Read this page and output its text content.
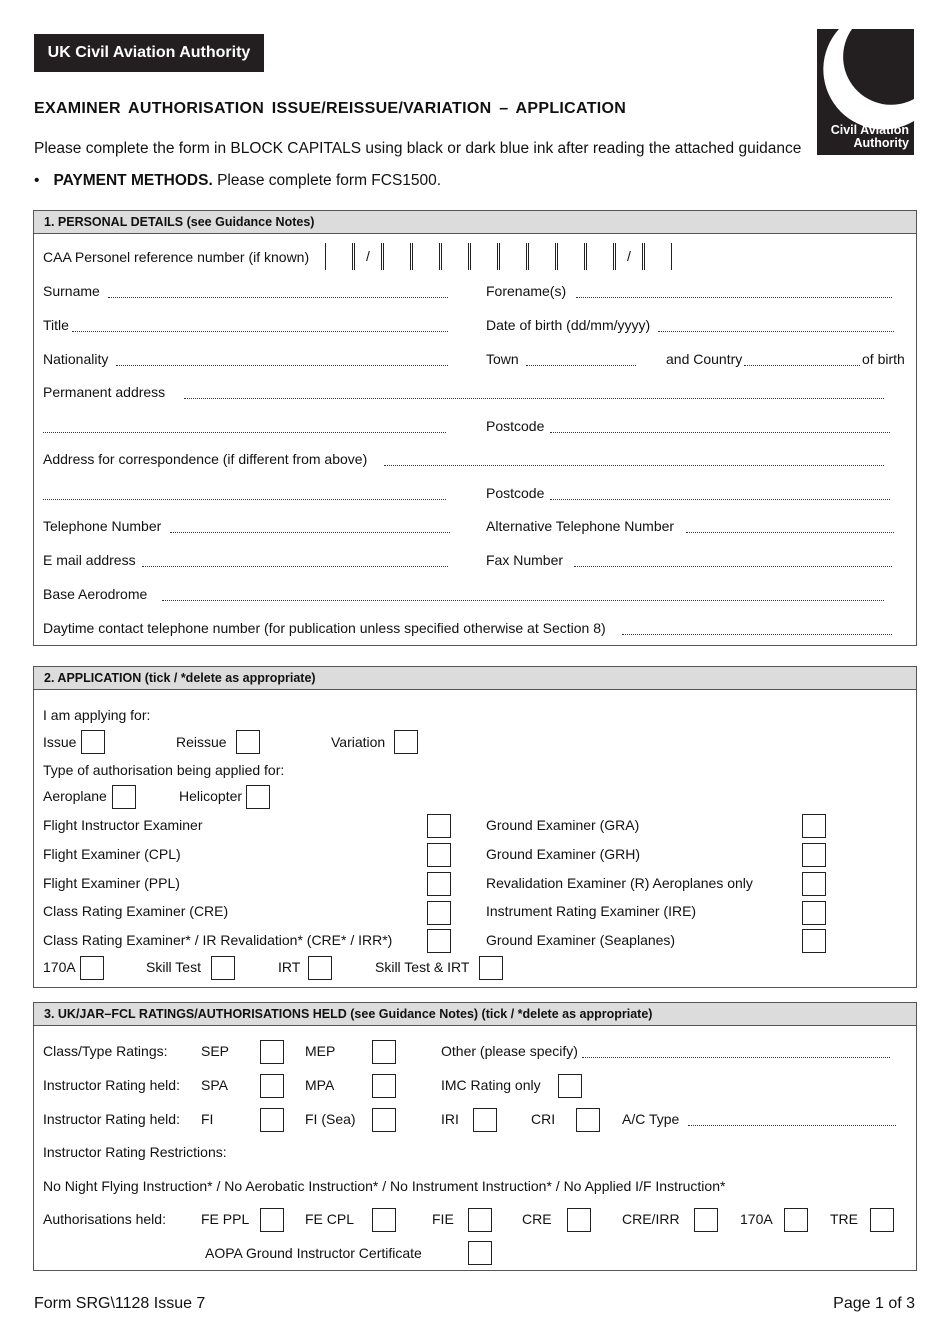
UK Civil Aviation Authority
Civil Aviation
Authority
EXAMINER AUTHORISATION ISSUE/REISSUE/VARIATION – APPLICATION
Please complete the form in BLOCK CAPITALS using black or dark blue ink after reading the attached guidance
• PAYMENT METHODS. Please complete form FCS1500.
1. PERSONAL DETAILS (see Guidance Notes)
CAA Personel reference number (if known)	/	/
Surname	Forename(s)
Title	Date of birth (dd/mm/yyyy)
Nationality	Town	and Country	of birth
Permanent address
Postcode
Address for correspondence (if different from above)
Postcode
Telephone Number	Alternative Telephone Number
E mail address	Fax Number
Base Aerodrome
Daytime contact telephone number (for publication unless specified otherwise at Section 8)
2. APPLICATION (tick / *delete as appropriate)
I am applying for:
Issue	Reissue	Variation
Type of authorisation being applied for:
Aeroplane	Helicopter
Flight Instructor Examiner	Ground Examiner (GRA)
Flight Examiner (CPL)	Ground Examiner (GRH)
Flight Examiner (PPL)	Revalidation Examiner (R) Aeroplanes only
Class Rating Examiner (CRE)	Instrument Rating Examiner (IRE)
Class Rating Examiner* / IR Revalidation* (CRE* / IRR*)	Ground Examiner (Seaplanes)
170A	Skill Test	IRT	Skill Test & IRT
3. UK/JAR–FCL RATINGS/AUTHORISATIONS HELD (see Guidance Notes) (tick / *delete as appropriate)
Class/Type Ratings: SEP	MEP	Other (please specify)
Instructor Rating held: SPA	MPA	IMC Rating only
Instructor Rating held: FI	FI (Sea)	IRI	CRI	A/C Type
Instructor Rating Restrictions:
No Night Flying Instruction* / No Aerobatic Instruction* / No Instrument Instruction* / No Applied I/F Instruction*
Authorisations held:	FE PPL	FE CPL	FIE	CRE	CRE/IRR	170A	TRE
AOPA Ground Instructor Certificate
Form SRG\1128 Issue 7	Page 1 of 3
